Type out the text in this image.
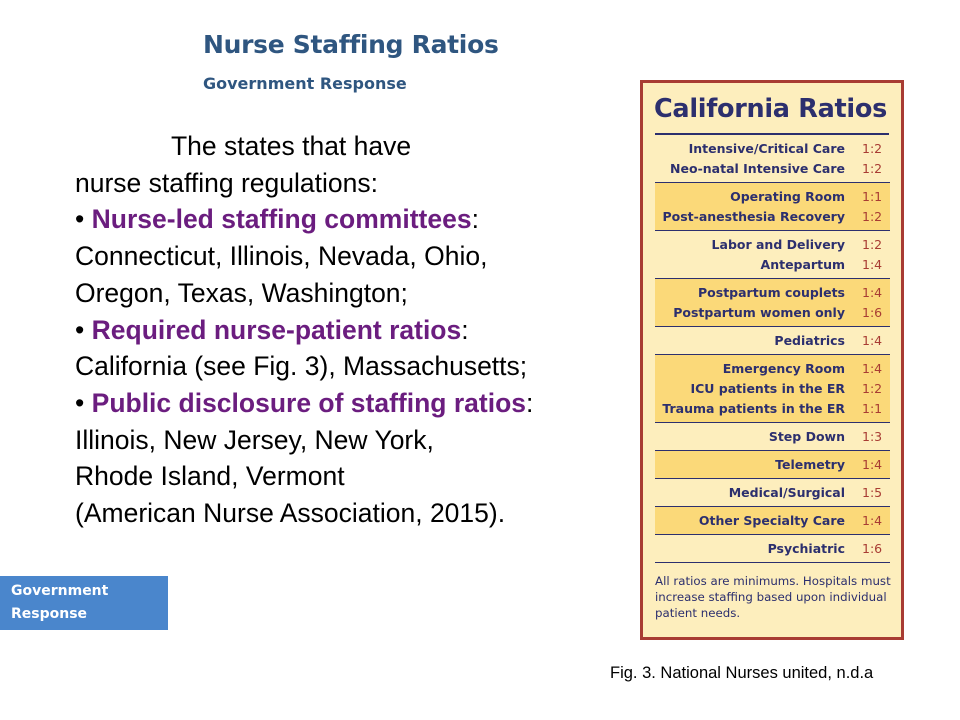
Nurse Staffing Ratios
Government Response
The states that have
nurse staffing regulations:
• Nurse-led staffing committees:
Connecticut, Illinois, Nevada, Ohio,
Oregon, Texas, Washington;
• Required nurse-patient ratios:
California (see Fig. 3), Massachusetts;
• Public disclosure of staffing ratios:
Illinois, New Jersey, New York,
Rhode Island, Vermont
(American Nurse Association, 2015).
Government
Response
California Ratios
Intensive/Critical Care	1:2
Neo-natal Intensive Care	1:2
Operating Room	1:1
Post-anesthesia Recovery	1:2
Labor and Delivery	1:2
Antepartum	1:4
Postpartum couplets	1:4
Postpartum women only	1:6
Pediatrics	1:4
Emergency Room	1:4
ICU patients in the ER	1:2
Trauma patients in the ER	1:1
Step Down	1:3
Telemetry	1:4
Medical/Surgical	1:5
Other Specialty Care	1:4
Psychiatric	1:6

All ratios are minimums. Hospitals must increase staffing based upon individual patient needs.

Fig. 3. National Nurses united, n.d.a
